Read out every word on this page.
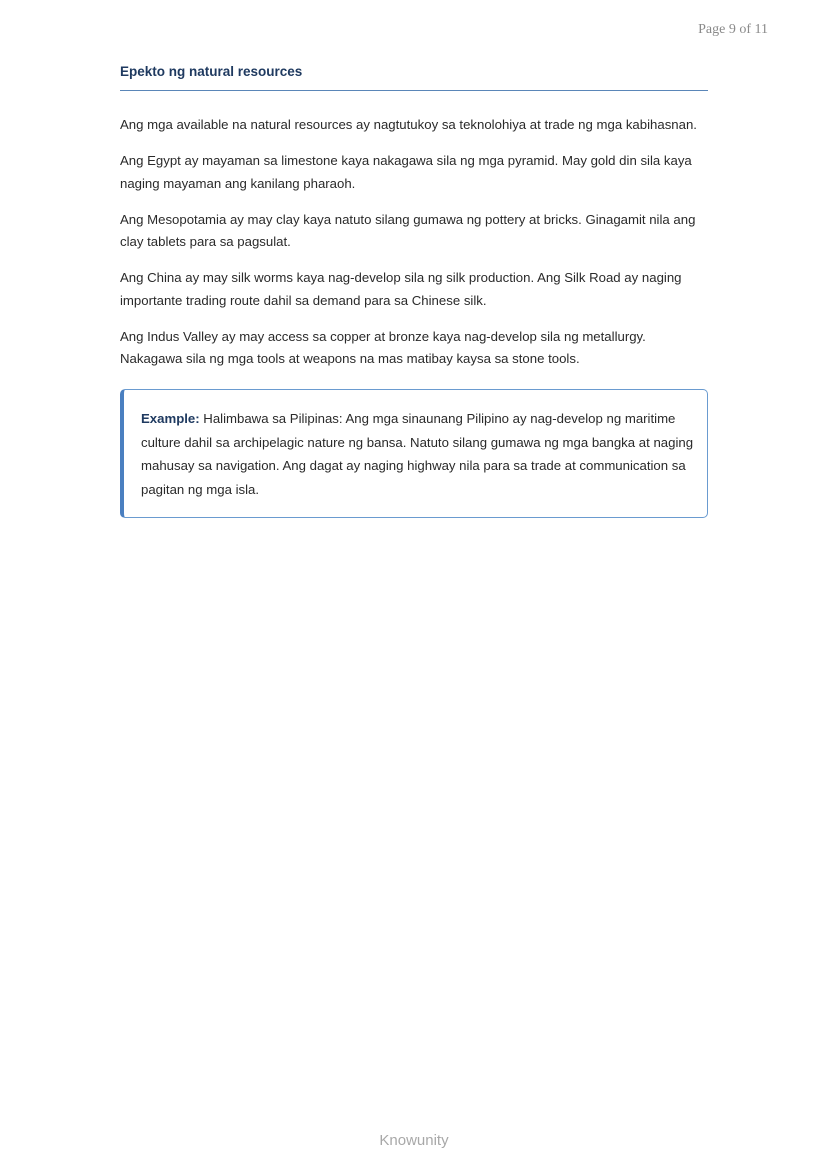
Page 9 of 11
Epekto ng natural resources

Ang mga available na natural resources ay nagtutukoy sa teknolohiya at trade ng mga kabihasnan.

Ang Egypt ay mayaman sa limestone kaya nakagawa sila ng mga pyramid. May gold din sila kaya naging mayaman ang kanilang pharaoh.

Ang Mesopotamia ay may clay kaya natuto silang gumawa ng pottery at bricks. Ginagamit nila ang clay tablets para sa pagsulat.

Ang China ay may silk worms kaya nag-develop sila ng silk production. Ang Silk Road ay naging importante trading route dahil sa demand para sa Chinese silk.

Ang Indus Valley ay may access sa copper at bronze kaya nag-develop sila ng metallurgy. Nakagawa sila ng mga tools at weapons na mas matibay kaysa sa stone tools.

Example: Halimbawa sa Pilipinas: Ang mga sinaunang Pilipino ay nag-develop ng maritime culture dahil sa archipelagic nature ng bansa. Natuto silang gumawa ng mga bangka at naging mahusay sa navigation. Ang dagat ay naging highway nila para sa trade at communication sa pagitan ng mga isla.
Knowunity
